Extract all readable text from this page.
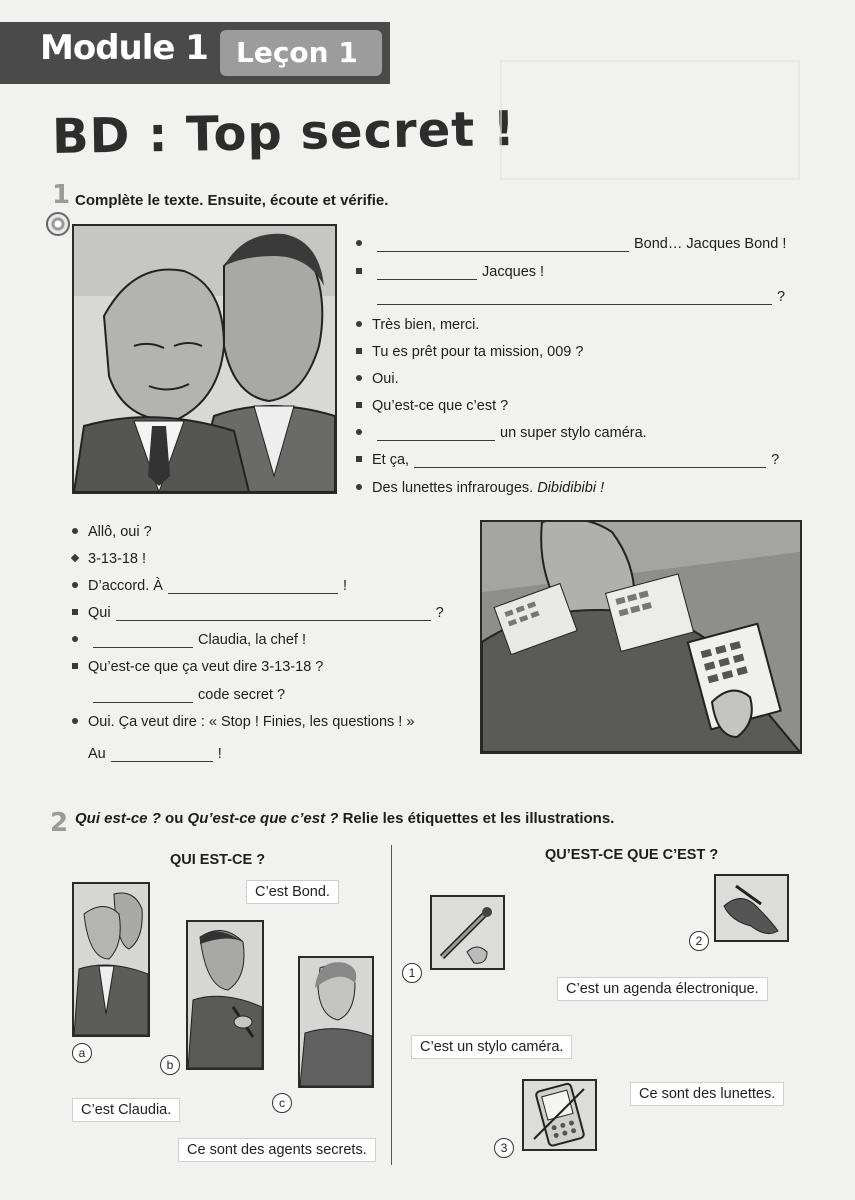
Module 1 Leçon 1
BD : Top secret !
1 Complète le texte. Ensuite, écoute et vérifie.
Bond… Jacques Bond !
Jacques !
?
Très bien, merci.
Tu es prêt pour ta mission, 009 ?
Oui.
Qu’est-ce que c’est ?
un super stylo caméra.
Et ça,	?
Des lunettes infrarouges. Dibidibibi !
Allô, oui ?
3-13-18 !
D’accord. À	!
Qui	?
Claudia, la chef !
Qu’est-ce que ça veut dire 3-13-18 ?
code secret ?
Oui. Ça veut dire : « Stop ! Finies, les questions ! »
Au	!
2 Qui est-ce ? ou Qu’est-ce que c’est ? Relie les étiquettes et les illustrations.
QUI EST-CE ?	QU’EST-CE QUE C’EST ?
a
b
c
C’est Bond.
C’est Claudia.
Ce sont des agents secrets.
1
2
3
C’est un agenda électronique.
C’est un stylo caméra.
Ce sont des lunettes.
